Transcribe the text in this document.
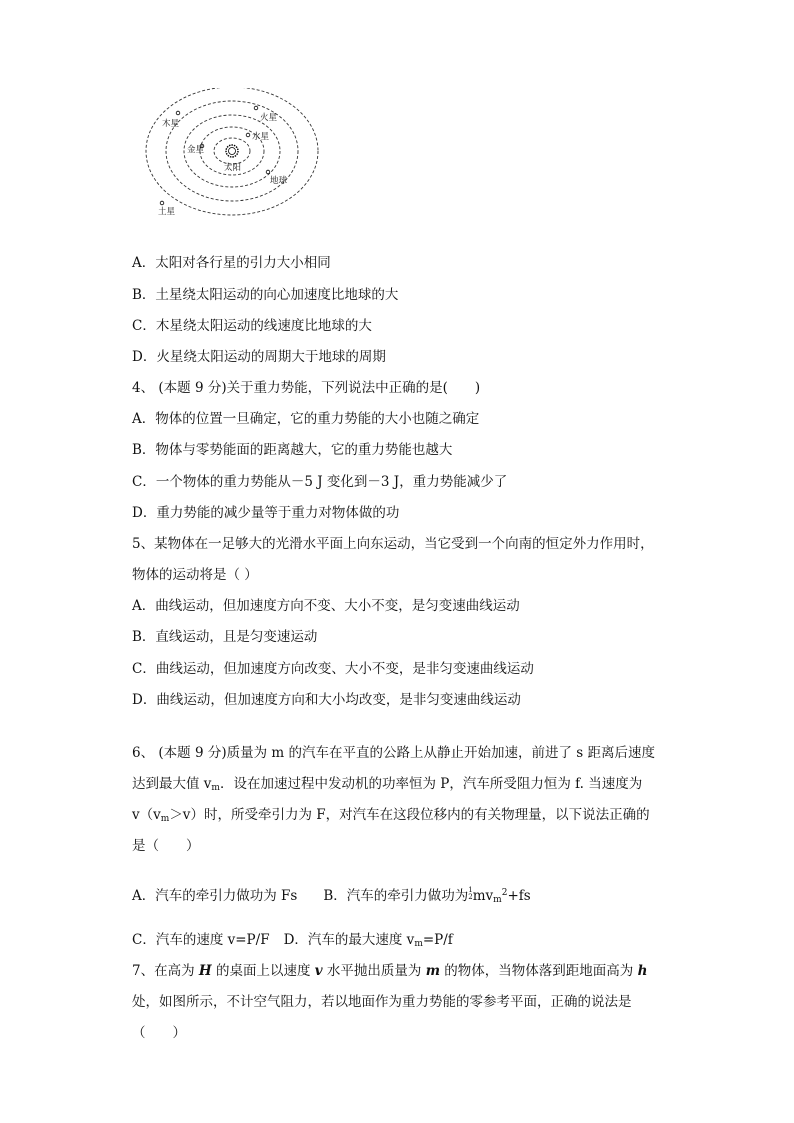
木星
火星
水星
金星
太阳
地球
土星
A．太阳对各行星的引力大小相同
B．土星绕太阳运动的向心加速度比地球的大
C．木星绕太阳运动的线速度比地球的大
D．火星绕太阳运动的周期大于地球的周期
4、 (本题 9 分)关于重力势能，下列说法中正确的是(　　)
A．物体的位置一旦确定，它的重力势能的大小也随之确定
B．物体与零势能面的距离越大，它的重力势能也越大
C．一个物体的重力势能从－5 J 变化到－3 J，重力势能减少了
D．重力势能的减少量等于重力对物体做的功
5、某物体在一足够大的光滑水平面上向东运动，当它受到一个向南的恒定外力作用时，
物体的运动将是（ ）
A．曲线运动，但加速度方向不变、大小不变，是匀变速曲线运动
B．直线运动，且是匀变速运动
C．曲线运动，但加速度方向改变、大小不变，是非匀变速曲线运动
D．曲线运动，但加速度方向和大小均改变，是非匀变速曲线运动
6、 (本题 9 分)质量为 m 的汽车在平直的公路上从静止开始加速，前进了 s 距离后速度
达到最大值 $v_m$．设在加速过程中发动机的功率恒为 P，汽车所受阻力恒为 f. 当速度为
$v(v_m>v)$时，所受牵引力为 F，对汽车在这段位移内的有关物理量，以下说法正确的
是（　　）
A．汽车的牵引力做功为 Fs B．汽车的牵引力做功为1
$2mv_m^2+fs$
C．汽车的速度 v=P/F D．汽车的最大速度 $v_m=P/f$
7、在高为 H 的桌面上以速度 v 水平抛出质量为 m 的物体，当物体落到距地面高为 h
处，如图所示，不计空气阻力，若以地面作为重力势能的零参考平面，正确的说法是
（　　）
